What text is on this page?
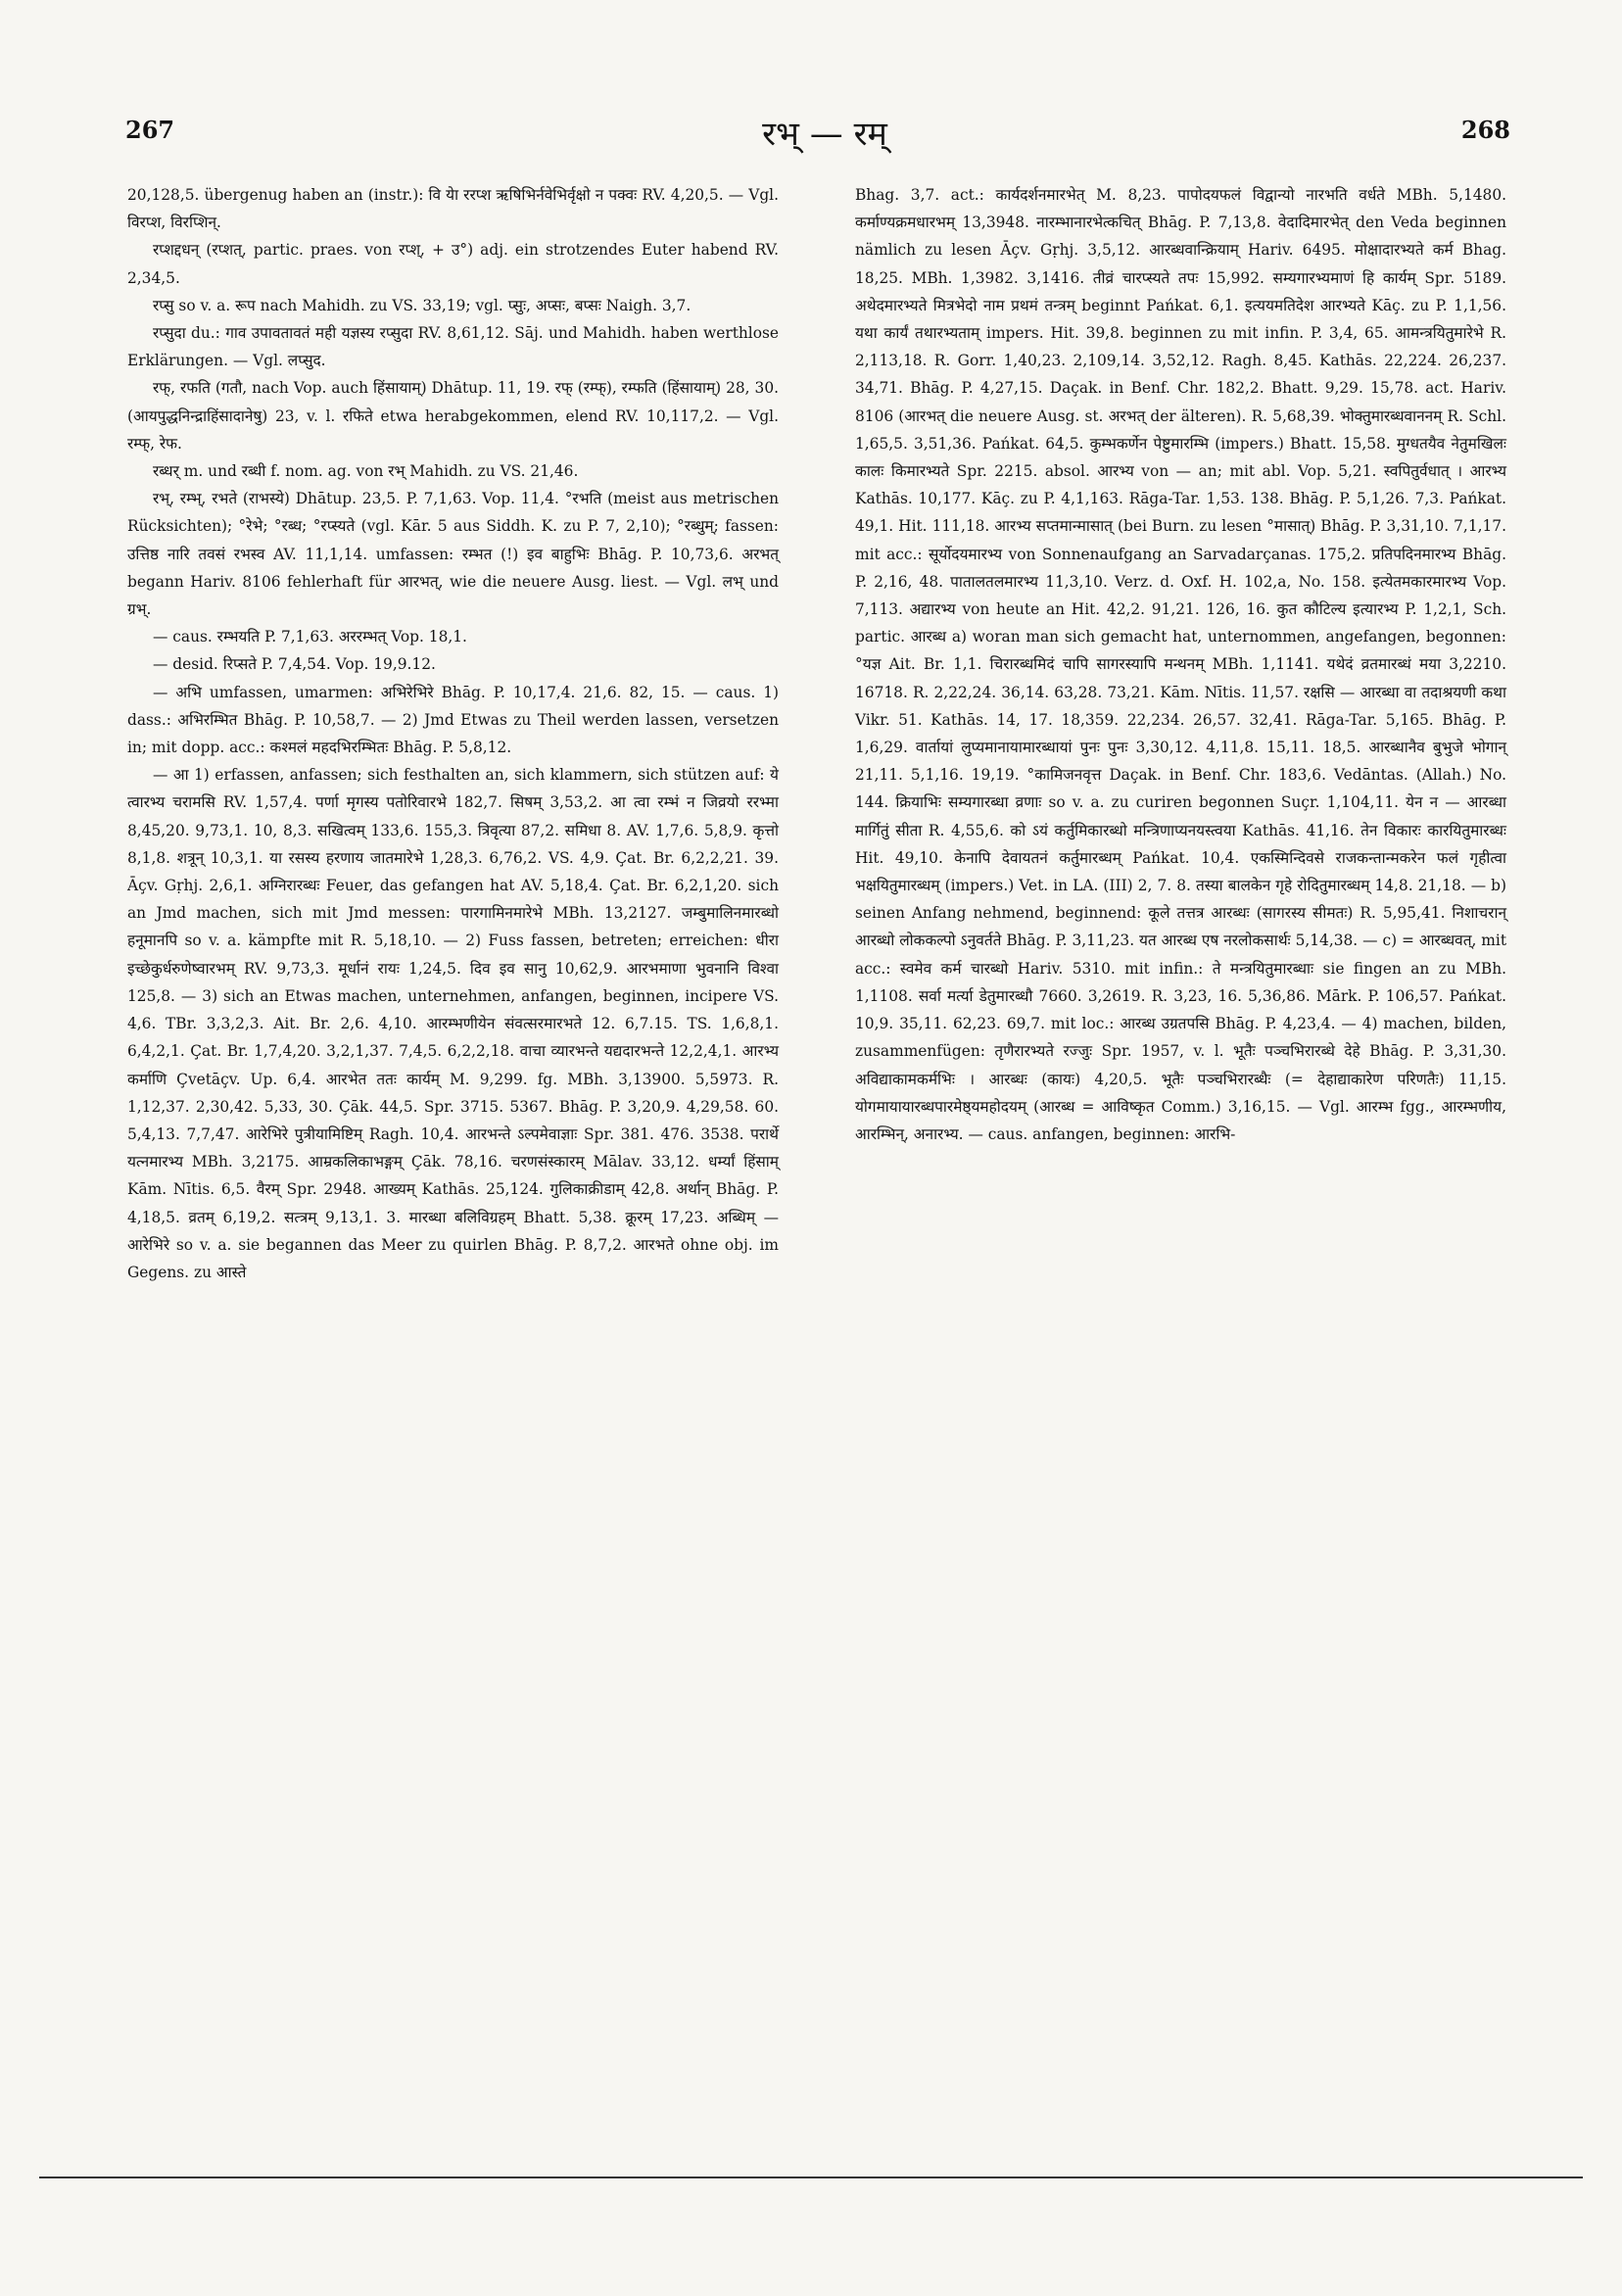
267	रभ् — रम्	268

20,128,5. übergenug haben an (instr.): वि येा ररप्श ऋषिभिर्नवेभिर्वृक्षो न पक्वः RV. 4,20,5. — Vgl. विरप्श, विरप्शिन्.

रप्शद्दधन् (रप्शत्, partic. praes. von रप्श्, + उ°) adj. ein strotzendes Euter habend RV. 2,34,5.

रप्सु so v. a. रूप nach Mahidh. zu VS. 33,19; vgl. प्सुः, अप्सः, बप्सः Naigh. 3,7.

रप्सुदा du.: गाव उपावतावतं मही यज्ञस्य रप्सुदा RV. 8,61,12. Sāj. und Mahidh. haben werthlose Erklärungen. — Vgl. लप्सुद.

रफ्, रफति (गतौ, nach Vop. auch हिंसायाम्) Dhātup. 11, 19. रफ् (रम्फ्), रम्फति (हिंसायाम्) 28, 30. (आयपुद्धनिन्द्राहिंसादानेषु) 23, v. l. रफिते etwa herabgekommen, elend RV. 10,117,2. — Vgl. रम्फ्, रेफ.

रब्धर् m. und रब्धी f. nom. ag. von रभ् Mahidh. zu VS. 21,46.

रभ्, रम्भ्, रभते (राभस्ये) Dhātup. 23,5. P. 7,1,63. Vop. 11,4. °रभति (meist aus metrischen Rücksichten); °रेभे; °रब्ध; °रप्स्यते (vgl. Kār. 5 aus Siddh. K. zu P. 7, 2,10); °रब्धुम्; fassen: उत्तिष्ठ नारि तवसं रभस्व AV. 11,1,14. umfassen: रम्भत (!) इव बाहुभिः Bhāg. P. 10,73,6. अरभत् begann Hariv. 8106 fehlerhaft für आरभत्, wie die neuere Ausg. liest. — Vgl. लभ् und ग्रभ्.

— caus. रम्भयति P. 7,1,63. अररम्भत् Vop. 18,1.

— desid. रिप्सते P. 7,4,54. Vop. 19,9.12.

— अभि umfassen, umarmen: अभिरेभिरे Bhāg. P. 10,17,4. 21,6. 82, 15. — caus. 1) dass.: अभिरम्भित Bhāg. P. 10,58,7. — 2) Jmd Etwas zu Theil werden lassen, versetzen in; mit dopp. acc.: कश्मलं महदभिरम्भितः Bhāg. P. 5,8,12.

— आ 1) erfassen, anfassen; sich festhalten an, sich klammern, sich stützen auf: ये त्वारभ्य चरामसि RV. 1,57,4. पर्णा मृगस्य पतोरिवारभे 182,7. सिषम् 3,53,2. आ त्वा रम्भं न जिव्रयो ररभ्मा 8,45,20. 9,73,1. 10, 8,3. सखित्वम् 133,6. 155,3. त्रिवृत्या 87,2. समिधा 8. AV. 1,7,6. 5,8,9. कृत्तो 8,1,8. शत्रून् 10,3,1. या रसस्य हरणाय जातमारेभे 1,28,3. 6,76,2. VS. 4,9. Çat. Br. 6,2,2,21. 39. Āçv. Gṛhj. 2,6,1. अग्निरारब्धः Feuer, das gefangen hat AV. 5,18,4. Çat. Br. 6,2,1,20. sich an Jmd machen, sich mit Jmd messen: पारगामिनमारेभे MBh. 13,2127. जम्बुमालिनमारब्धो हनूमानपि so v. a. kämpfte mit R. 5,18,10. — 2) Fuss fassen, betreten; erreichen: धीरा इच्छेकुर्धरुणेष्वारभम् RV. 9,73,3. मूर्धानं रायः 1,24,5. दिव इव सानु 10,62,9. आरभमाणा भुवनानि विश्वा 125,8. — 3) sich an Etwas machen, unternehmen, anfangen, beginnen, incipere VS. 4,6. TBr. 3,3,2,3. Ait. Br. 2,6. 4,10. आरम्भणीयेन संवत्सरमारभते 12. 6,7.15. TS. 1,6,8,1. 6,4,2,1. Çat. Br. 1,7,4,20. 3,2,1,37. 7,4,5. 6,2,2,18. वाचा व्यारभन्ते यद्यदारभन्ते 12,2,4,1. आरभ्य कर्माणि Çvetāçv. Up. 6,4. आरभेत ततः कार्यम् M. 9,299. fg. MBh. 3,13900. 5,5973. R. 1,12,37. 2,30,42. 5,33, 30. Çāk. 44,5. Spr. 3715. 5367. Bhāg. P. 3,20,9. 4,29,58. 60. 5,4,13. 7,7,47. आरेभिरे पुत्रीयामिष्टिम् Ragh. 10,4. आरभन्ते ऽल्पमेवाज्ञाः Spr. 381. 476. 3538. परार्थे यत्नमारभ्य MBh. 3,2175. आम्रकलिकाभङ्गम् Çāk. 78,16. चरणसंस्कारम् Mālav. 33,12. धर्म्यां हिंसाम् Kām. Nītis. 6,5. वैरम् Spr. 2948. आख्यम् Kathās. 25,124. गुलिकाक्रीडाम् 42,8. अर्थान् Bhāg. P. 4,18,5. व्रतम् 6,19,2. सत्त्रम् 9,13,1. 3. मारब्धा बलिविग्रहम् Bhatt. 5,38. क्रूरम् 17,23. अब्धिम् — आरेभिरे so v. a. sie begannen das Meer zu quirlen Bhāg. P. 8,7,2. आरभते ohne obj. im Gegens. zu आस्ते

Bhag. 3,7. act.: कार्यदर्शनमारभेत् M. 8,23. पापोदयफलं विद्वान्यो नारभति वर्धते MBh. 5,1480. कर्माण्यक्रमधारभम् 13,3948. नारम्भानारभेत्कचित् Bhāg. P. 7,13,8. वेदादिमारभेत् den Veda beginnen nämlich zu lesen Āçv. Gṛhj. 3,5,12. आरब्धवान्क्रियाम् Hariv. 6495. मोक्षादारभ्यते कर्म Bhag. 18,25. MBh. 1,3982. 3,1416. तीव्रं चारप्स्यते तपः 15,992. सम्यगारभ्यमाणं हि कार्यम् Spr. 5189. अथेदमारभ्यते मित्रभेदो नाम प्रथमं तन्त्रम् beginnt Pańkat. 6,1. इत्ययमतिदेश आरभ्यते Kāç. zu P. 1,1,56. यथा कार्यं तथारभ्यताम् impers. Hit. 39,8. beginnen zu mit infin. P. 3,4, 65. आमन्त्रयितुमारेभे R. 2,113,18. R. Gorr. 1,40,23. 2,109,14. 3,52,12. Ragh. 8,45. Kathās. 22,224. 26,237. 34,71. Bhāg. P. 4,27,15. Daçak. in Benf. Chr. 182,2. Bhatt. 9,29. 15,78. act. Hariv. 8106 (आरभत् die neuere Ausg. st. अरभत् der älteren). R. 5,68,39. भोक्तुमारब्धवाननम् R. Schl. 1,65,5. 3,51,36. Pańkat. 64,5. कुम्भकर्णेन पेष्टुमारम्भि (impers.) Bhatt. 15,58. मुग्धतयैव नेतुमखिलः कालः किमारभ्यते Spr. 2215. absol. आरभ्य von — an; mit abl. Vop. 5,21. स्वपितुर्वधात् । आरभ्य Kathās. 10,177. Kāç. zu P. 4,1,163. Rāga-Tar. 1,53. 138. Bhāg. P. 5,1,26. 7,3. Pańkat. 49,1. Hit. 111,18. आरभ्य सप्तमान्मासात् (bei Burn. zu lesen °मासात्) Bhāg. P. 3,31,10. 7,1,17. mit acc.: सूर्योदयमारभ्य von Sonnenaufgang an Sarvadarçanas. 175,2. प्रतिपदिनमारभ्य Bhāg. P. 2,16, 48. पातालतलमारभ्य 11,3,10. Verz. d. Oxf. H. 102,a, No. 158. इत्येतमकारमारभ्य Vop. 7,113. अद्यारभ्य von heute an Hit. 42,2. 91,21. 126, 16. कुत कौटिल्य इत्यारभ्य P. 1,2,1, Sch. partic. आरब्ध a) woran man sich gemacht hat, unternommen, angefangen, begonnen: °यज्ञ Ait. Br. 1,1. चिरारब्धमिदं चापि सागरस्यापि मन्थनम् MBh. 1,1141. यथेदं व्रतमारब्धं मया 3,2210. 16718. R. 2,22,24. 36,14. 63,28. 73,21. Kām. Nītis. 11,57. रक्षसि — आरब्धा वा तदाश्रयणी कथा Vikr. 51. Kathās. 14, 17. 18,359. 22,234. 26,57. 32,41. Rāga-Tar. 5,165. Bhāg. P. 1,6,29. वार्तायां लुप्यमानायामारब्धायां पुनः पुनः 3,30,12. 4,11,8. 15,11. 18,5. आरब्धानैव बुभुजे भोगान् 21,11. 5,1,16. 19,19. °कामिजनवृत्त Daçak. in Benf. Chr. 183,6. Vedāntas. (Allah.) No. 144. क्रियाभिः सम्यगारब्धा व्रणाः so v. a. zu curiren begonnen Suçr. 1,104,11. येन न — आरब्धा मार्गितुं सीता R. 4,55,6. को ऽयं कर्तुमिकारब्धो मन्त्रिणाप्यनयस्त्वया Kathās. 41,16. तेन विकारः कारयितुमारब्धः Hit. 49,10. केनापि देवायतनं कर्तुमारब्धम् Pańkat. 10,4. एकस्मिन्दिवसे राजकन्तान्मकरेन फलं गृहीत्वा भक्षयितुमारब्धम् (impers.) Vet. in LA. (III) 2, 7. 8. तस्या बालकेन गृहे रोदितुमारब्धम् 14,8. 21,18. — b) seinen Anfang nehmend, beginnend: कूले तत्तत्र आरब्धः (सागरस्य सीमतः) R. 5,95,41. निशाचरान् आरब्धो लोककल्पो ऽनुवर्तते Bhāg. P. 3,11,23. यत आरब्ध एष नरलोकसार्थः 5,14,38. — c) = आरब्धवत्, mit acc.: स्वमेव कर्म चारब्धो Hariv. 5310. mit infin.: ते मन्त्रयितुमारब्धाः sie fingen an zu MBh. 1,1108. सर्वा मर्त्या डेतुमारब्धौ 7660. 3,2619. R. 3,23, 16. 5,36,86. Mārk. P. 106,57. Pańkat. 10,9. 35,11. 62,23. 69,7. mit loc.: आरब्ध उग्रतपसि Bhāg. P. 4,23,4. — 4) machen, bilden, zusammenfügen: तृणैरारभ्यते रज्जुः Spr. 1957, v. l. भूतैः पञ्चभिरारब्धे देहे Bhāg. P. 3,31,30. अविद्याकामकर्मभिः । आरब्धः (कायः) 4,20,5. भूतैः पञ्चभिरारब्धैः (= देहाद्याकारेण परिणतैः) 11,15. योगमायायारब्धपारमेष्ठ्यमहोदयम् (आरब्ध = आविष्कृत Comm.) 3,16,15. — Vgl. आरम्भ fgg., आरम्भणीय, आरम्भिन्, अनारभ्य. — caus. anfangen, beginnen: आरभि-
